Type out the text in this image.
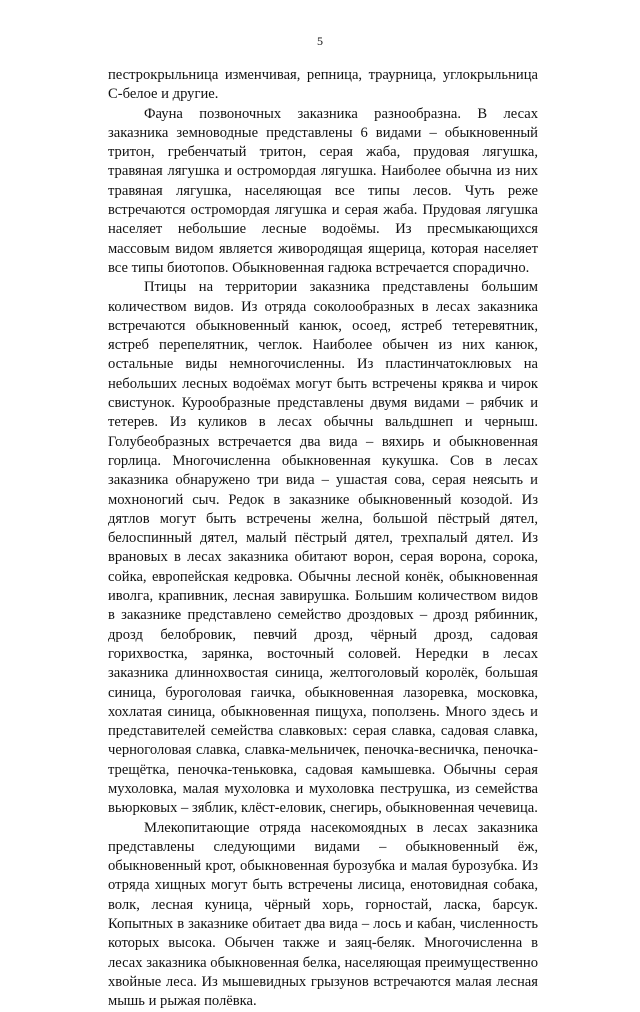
5

пестрокрыльница изменчивая, репница, траурница, углокрыльница С-белое и другие.

Фауна позвоночных заказника разнообразна. В лесах заказника земноводные представлены 6 видами – обыкновенный тритон, гребенчатый тритон, серая жаба, прудовая лягушка, травяная лягушка и остромордая лягушка. Наиболее обычна из них травяная лягушка, населяющая все типы лесов. Чуть реже встречаются остромордая лягушка и серая жаба. Прудовая лягушка населяет небольшие лесные водоёмы. Из пресмыкающихся массовым видом является живородящая ящерица, которая населяет все типы биотопов. Обыкновенная гадюка встречается спорадично.

Птицы на территории заказника представлены большим количеством видов. Из отряда соколообразных в лесах заказника встречаются обыкновенный канюк, осоед, ястреб тетеревятник, ястреб перепелятник, чеглок. Наиболее обычен из них канюк, остальные виды немногочисленны. Из пластинчатоклювых на небольших лесных водоёмах могут быть встречены кряква и чирок свистунок. Курообразные представлены двумя видами – рябчик и тетерев. Из куликов в лесах обычны вальдшнеп и черныш. Голубеобразных встречается два вида – вяхирь и обыкновенная горлица. Многочисленна обыкновенная кукушка. Сов в лесах заказника обнаружено три вида – ушастая сова, серая неясыть и мохноногий сыч. Редок в заказнике обыкновенный козодой. Из дятлов могут быть встречены желна, большой пёстрый дятел, белоспинный дятел, малый пёстрый дятел, трехпалый дятел. Из врановых в лесах заказника обитают ворон, серая ворона, сорока, сойка, европейская кедровка. Обычны лесной конёк, обыкновенная иволга, крапивник, лесная завирушка. Большим количеством видов в заказнике представлено семейство дроздовых – дрозд рябинник, дрозд белобровик, певчий дрозд, чёрный дрозд, садовая горихвостка, зарянка, восточный соловей. Нередки в лесах заказника длиннохвостая синица, желтоголовый королёк, большая синица, буроголовая гаичка, обыкновенная лазоревка, московка, хохлатая синица, обыкновенная пищуха, поползень. Много здесь и представителей семейства славковых: серая славка, садовая славка, черноголовая славка, славка-мельничек, пеночка-весничка, пеночка-трещётка, пеночка-теньковка, садовая камышевка. Обычны серая мухоловка, малая мухоловка и мухоловка пеструшка, из семейства вьюрковых – зяблик, клёст-еловик, снегирь, обыкновенная чечевица.

Млекопитающие отряда насекомоядных в лесах заказника представлены следующими видами – обыкновенный ёж, обыкновенный крот, обыкновенная бурозубка и малая бурозубка. Из отряда хищных могут быть встречены лисица, енотовидная собака, волк, лесная куница, чёрный хорь, горностай, ласка, барсук. Копытных в заказнике обитает два вида – лось и кабан, численность которых высока. Обычен также и заяц-беляк. Многочисленна в лесах заказника обыкновенная белка, населяющая преимущественно хвойные леса. Из мышевидных грызунов встречаются малая лесная мышь и рыжая полёвка.
